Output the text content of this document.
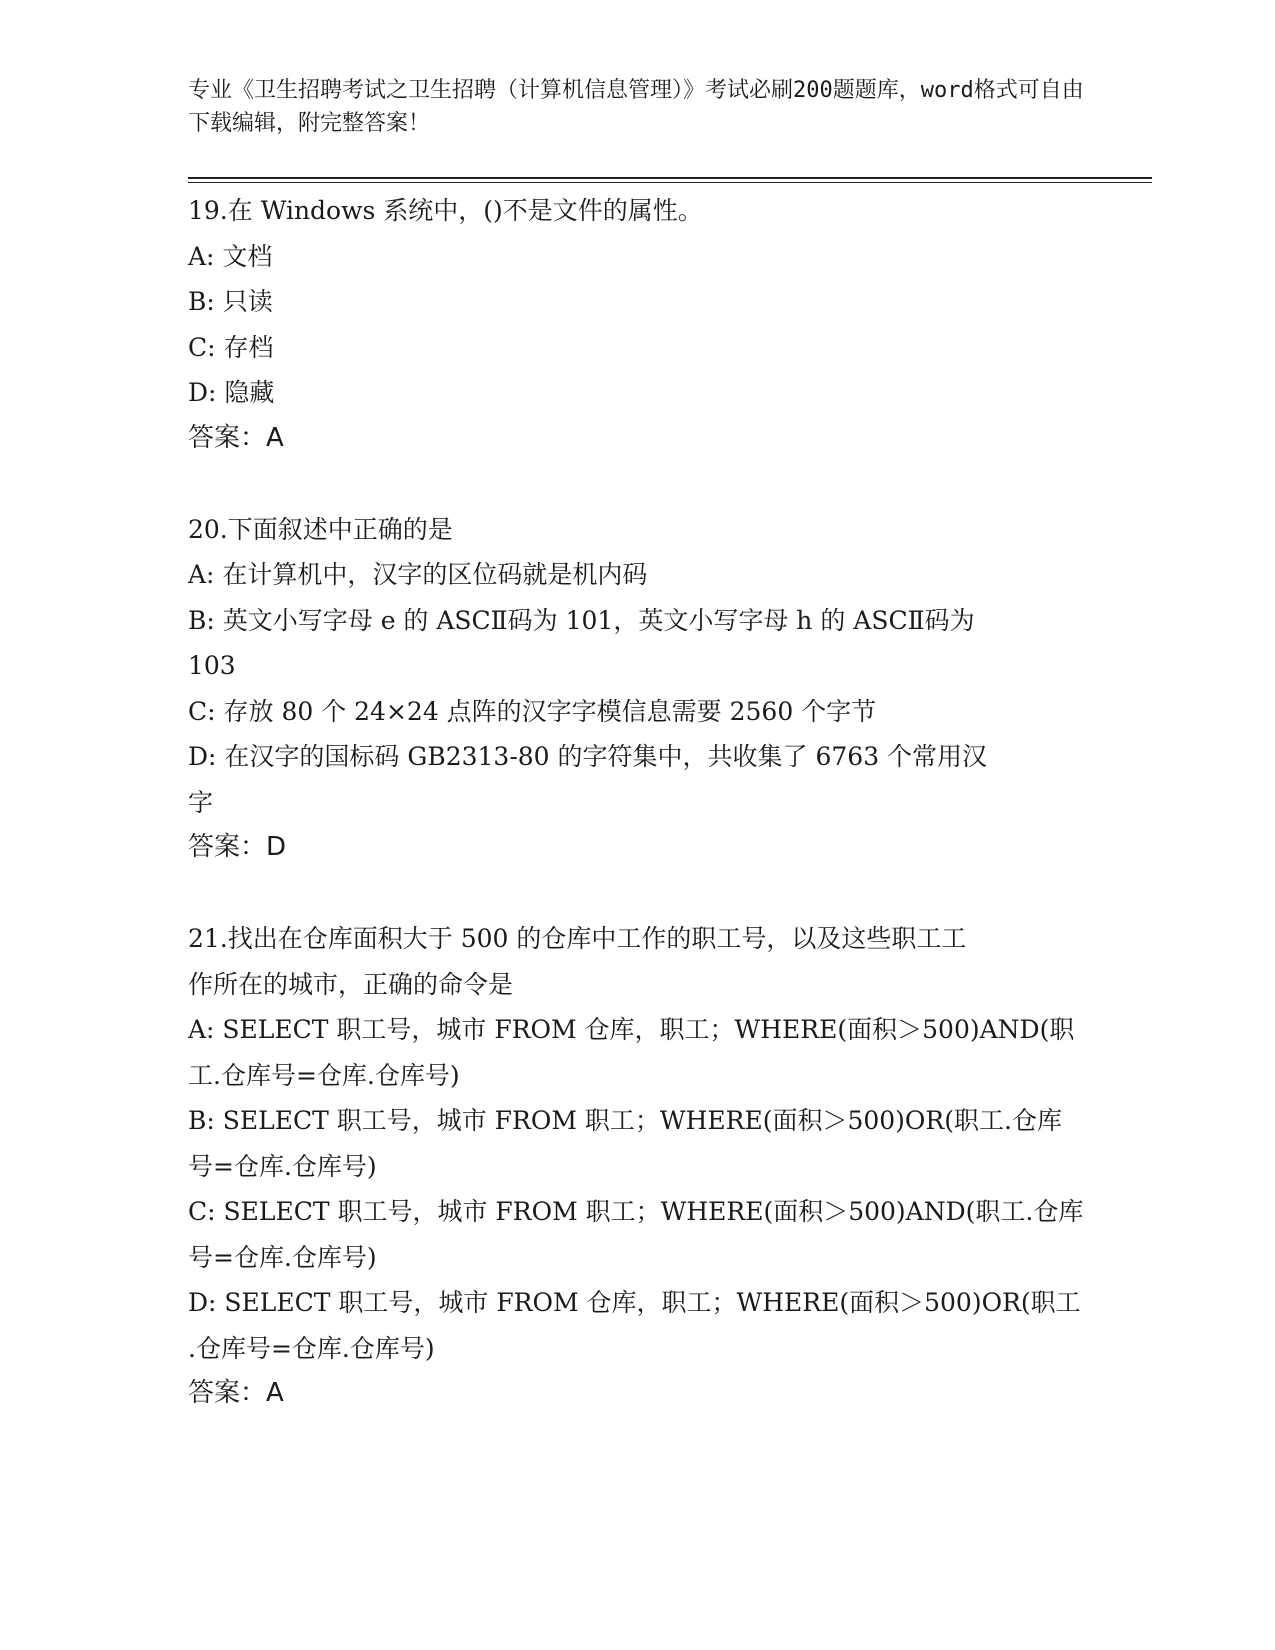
专业《卫生招聘考试之卫生招聘（计算机信息管理）》考试必刷200题题库，word格式可自由下载编辑，附完整答案！
19.在 Windows 系统中，()不是文件的属性。
A: 文档
B: 只读
C: 存档
D: 隐藏
答案：A
20.下面叙述中正确的是
A: 在计算机中，汉字的区位码就是机内码
B: 英文小写字母 e 的 ASCⅡ码为 101，英文小写字母 h 的 ASCⅡ码为
103
C: 存放 80 个 24×24 点阵的汉字字模信息需要 2560 个字节
D: 在汉字的国标码 GB2313-80 的字符集中，共收集了 6763 个常用汉
字
答案：D
21.找出在仓库面积大于 500 的仓库中工作的职工号，以及这些职工工
作所在的城市，正确的命令是
A: SELECT 职工号，城市 FROM 仓库，职工；WHERE(面积＞500)AND(职
工.仓库号=仓库.仓库号)
B: SELECT 职工号，城市 FROM 职工；WHERE(面积＞500)OR(职工.仓库
号=仓库.仓库号)
C: SELECT 职工号，城市 FROM 职工；WHERE(面积＞500)AND(职工.仓库
号=仓库.仓库号)
D: SELECT 职工号，城市 FROM 仓库，职工；WHERE(面积＞500)OR(职工
.仓库号=仓库.仓库号)
答案：A
